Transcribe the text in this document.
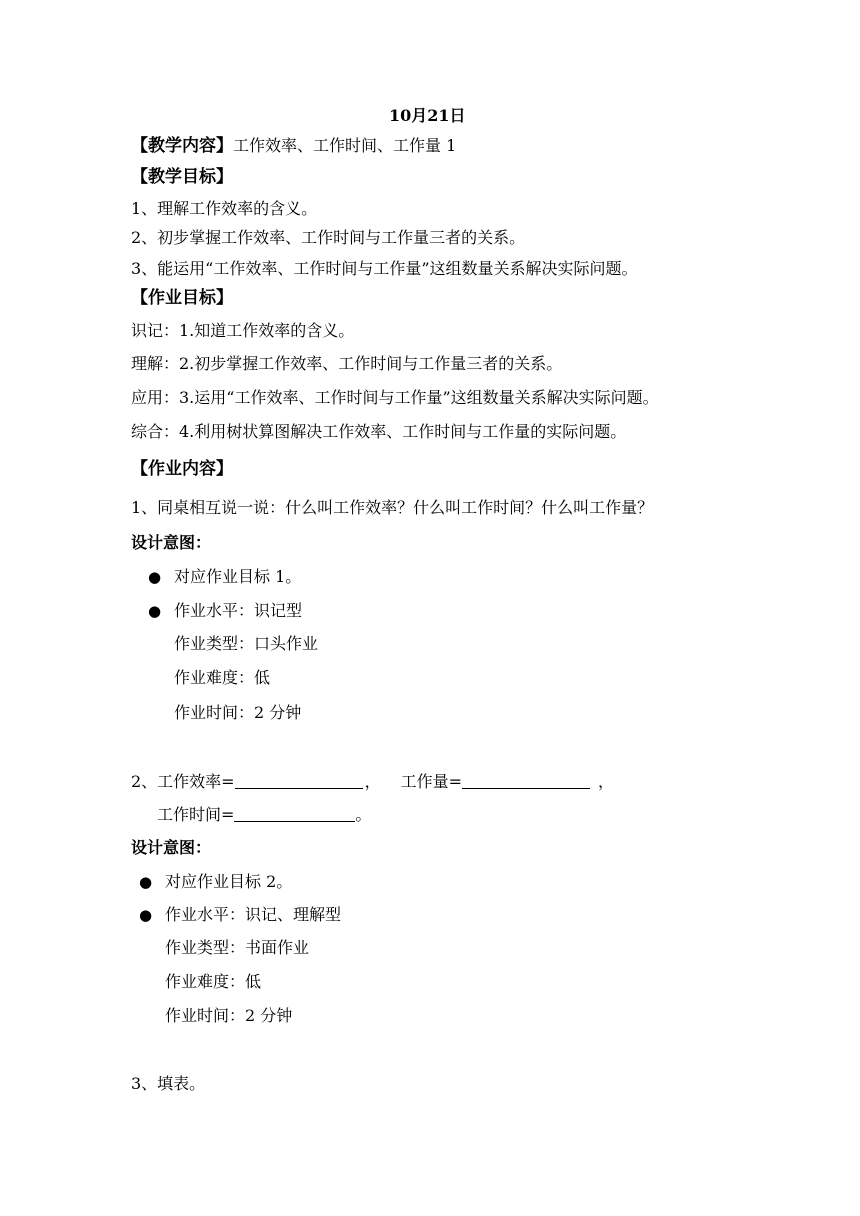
10月21日
【教学内容】工作效率、工作时间、工作量 1
【教学目标】
1、理解工作效率的含义。
2、初步掌握工作效率、工作时间与工作量三者的关系。
3、能运用“工作效率、工作时间与工作量”这组数量关系解决实际问题。
【作业目标】
识记：1.知道工作效率的含义。
理解：2.初步掌握工作效率、工作时间与工作量三者的关系。
应用：3.运用“工作效率、工作时间与工作量”这组数量关系解决实际问题。
综合：4.利用树状算图解决工作效率、工作时间与工作量的实际问题。
【作业内容】
1、同桌相互说一说：什么叫工作效率？什么叫工作时间？什么叫工作量？
设计意图：
● 对应作业目标 1。
● 作业水平：识记型
作业类型：口头作业
作业难度：低
作业时间：2 分钟
2、工作效率=	， 工作量=	，
工作时间=	。
设计意图：
● 对应作业目标 2。
● 作业水平：识记、理解型
作业类型：书面作业
作业难度：低
作业时间：2 分钟
3、填表。
